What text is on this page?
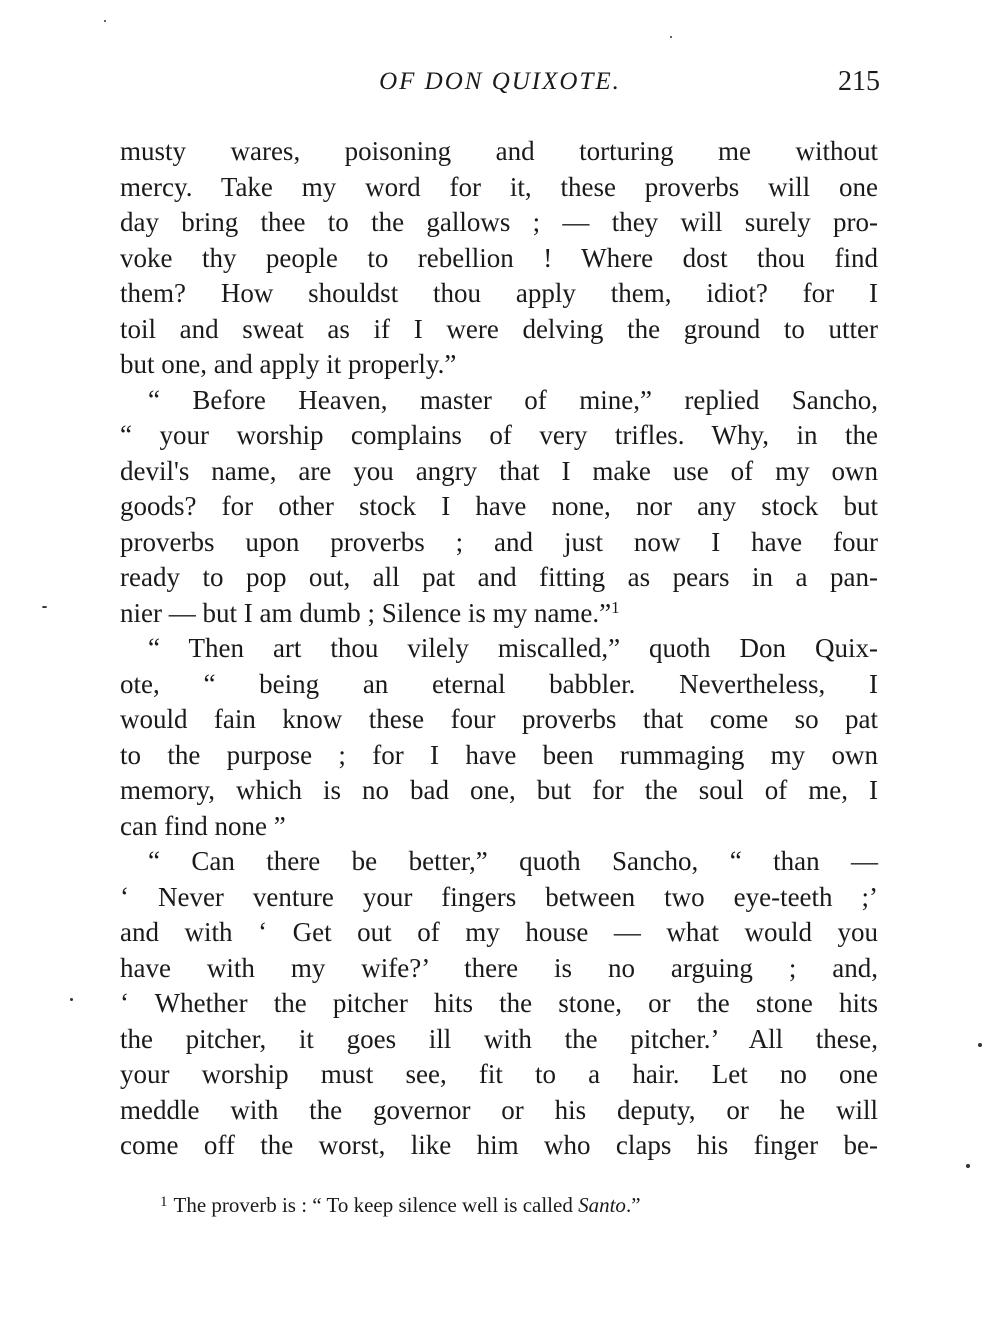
OF DON QUIXOTE.	215
musty wares, poisoning and torturing me without
mercy. Take my word for it, these proverbs will one
day bring thee to the gallows ; — they will surely pro-
voke thy people to rebellion ! Where dost thou find
them? How shouldst thou apply them, idiot? for I
toil and sweat as if I were delving the ground to utter
but one, and apply it properly.”
“ Before Heaven, master of mine,” replied Sancho,
“ your worship complains of very trifles. Why, in the
devil's name, are you angry that I make use of my own
goods? for other stock I have none, nor any stock but
proverbs upon proverbs ; and just now I have four
ready to pop out, all pat and fitting as pears in a pan-
nier — but I am dumb ; Silence is my name.”$^1$
“ Then art thou vilely miscalled,” quoth Don Quix-
ote, “ being an eternal babbler. Nevertheless, I
would fain know these four proverbs that come so pat
to the purpose ; for I have been rummaging my own
memory, which is no bad one, but for the soul of me, I
can find none ”
“ Can there be better,” quoth Sancho, “ than —
‘ Never venture your fingers between two eye-teeth ;’
and with ‘ Get out of my house — what would you
have with my wife?’ there is no arguing ; and,
‘ Whether the pitcher hits the stone, or the stone hits
the pitcher, it goes ill with the pitcher.’ All these,
your worship must see, fit to a hair. Let no one
meddle with the governor or his deputy, or he will
come off the worst, like him who claps his finger be-
$^1$ The proverb is : “ To keep silence well is called Santo.”
